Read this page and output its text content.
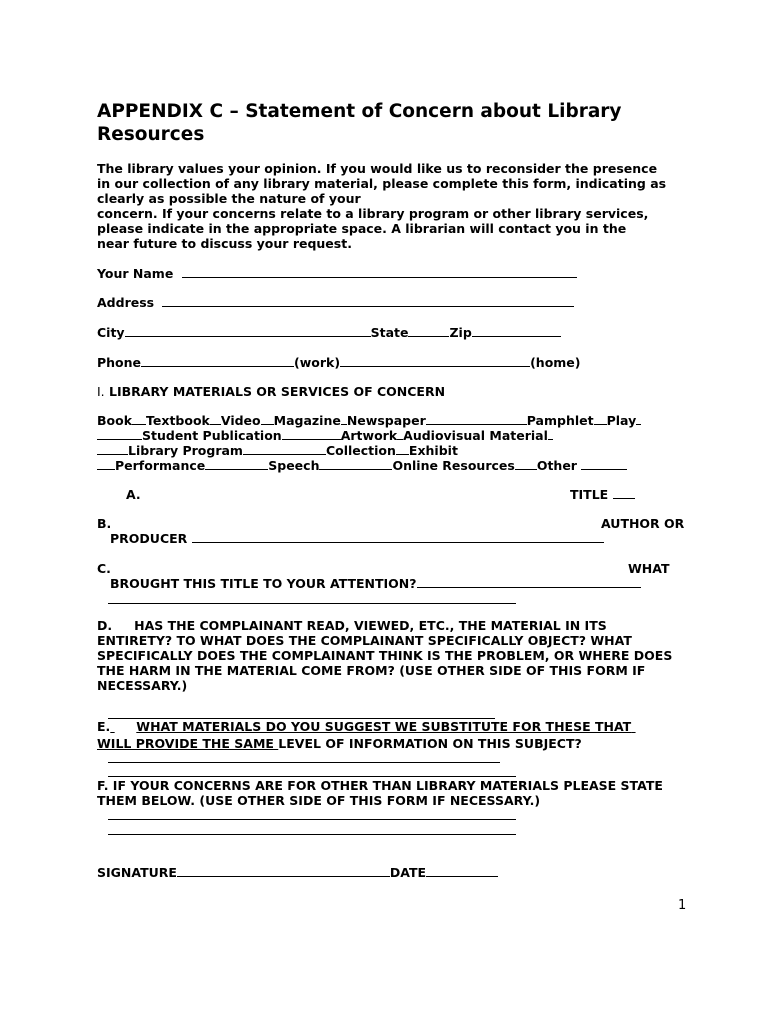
APPENDIX C – Statement of Concern about Library Resources
The library values your opinion. If you would like us to reconsider the presence
in our collection of any library material, please complete this form, indicating as
clearly as possible the nature of your
concern. If your concerns relate to a library program or other library services,
please indicate in the appropriate space. A librarian will contact you in the
near future to discuss your request.
Your Name
Address
City	State	Zip
Phone	(work)	(home)
I. LIBRARY MATERIALS OR SERVICES OF CONCERN
Book Textbook Video Magazine Newspaper	Pamphlet Play
Student Publication	Artwork Audiovisual Material
Library Program	Collection Exhibit
Performance	Speech	Online Resources Other
A.	TITLE
B.	AUTHOR OR
PRODUCER
C.	WHAT
BROUGHT THIS TITLE TO YOUR ATTENTION?
D. HAS THE COMPLAINANT READ, VIEWED, ETC., THE MATERIAL IN ITS
ENTIRETY? TO WHAT DOES THE COMPLAINANT SPECIFICALLY OBJECT? WHAT
SPECIFICALLY DOES THE COMPLAINANT THINK IS THE PROBLEM, OR WHERE DOES
THE HARM IN THE MATERIAL COME FROM? (USE OTHER SIDE OF THIS FORM IF
NECESSARY.)
E. WHAT MATERIALS DO YOU SUGGEST WE SUBSTITUTE FOR THESE THAT
WILL PROVIDE THE SAME LEVEL OF INFORMATION ON THIS SUBJECT?
F. IF YOUR CONCERNS ARE FOR OTHER THAN LIBRARY MATERIALS PLEASE STATE
THEM BELOW. (USE OTHER SIDE OF THIS FORM IF NECESSARY.)
SIGNATURE	DATE
1
